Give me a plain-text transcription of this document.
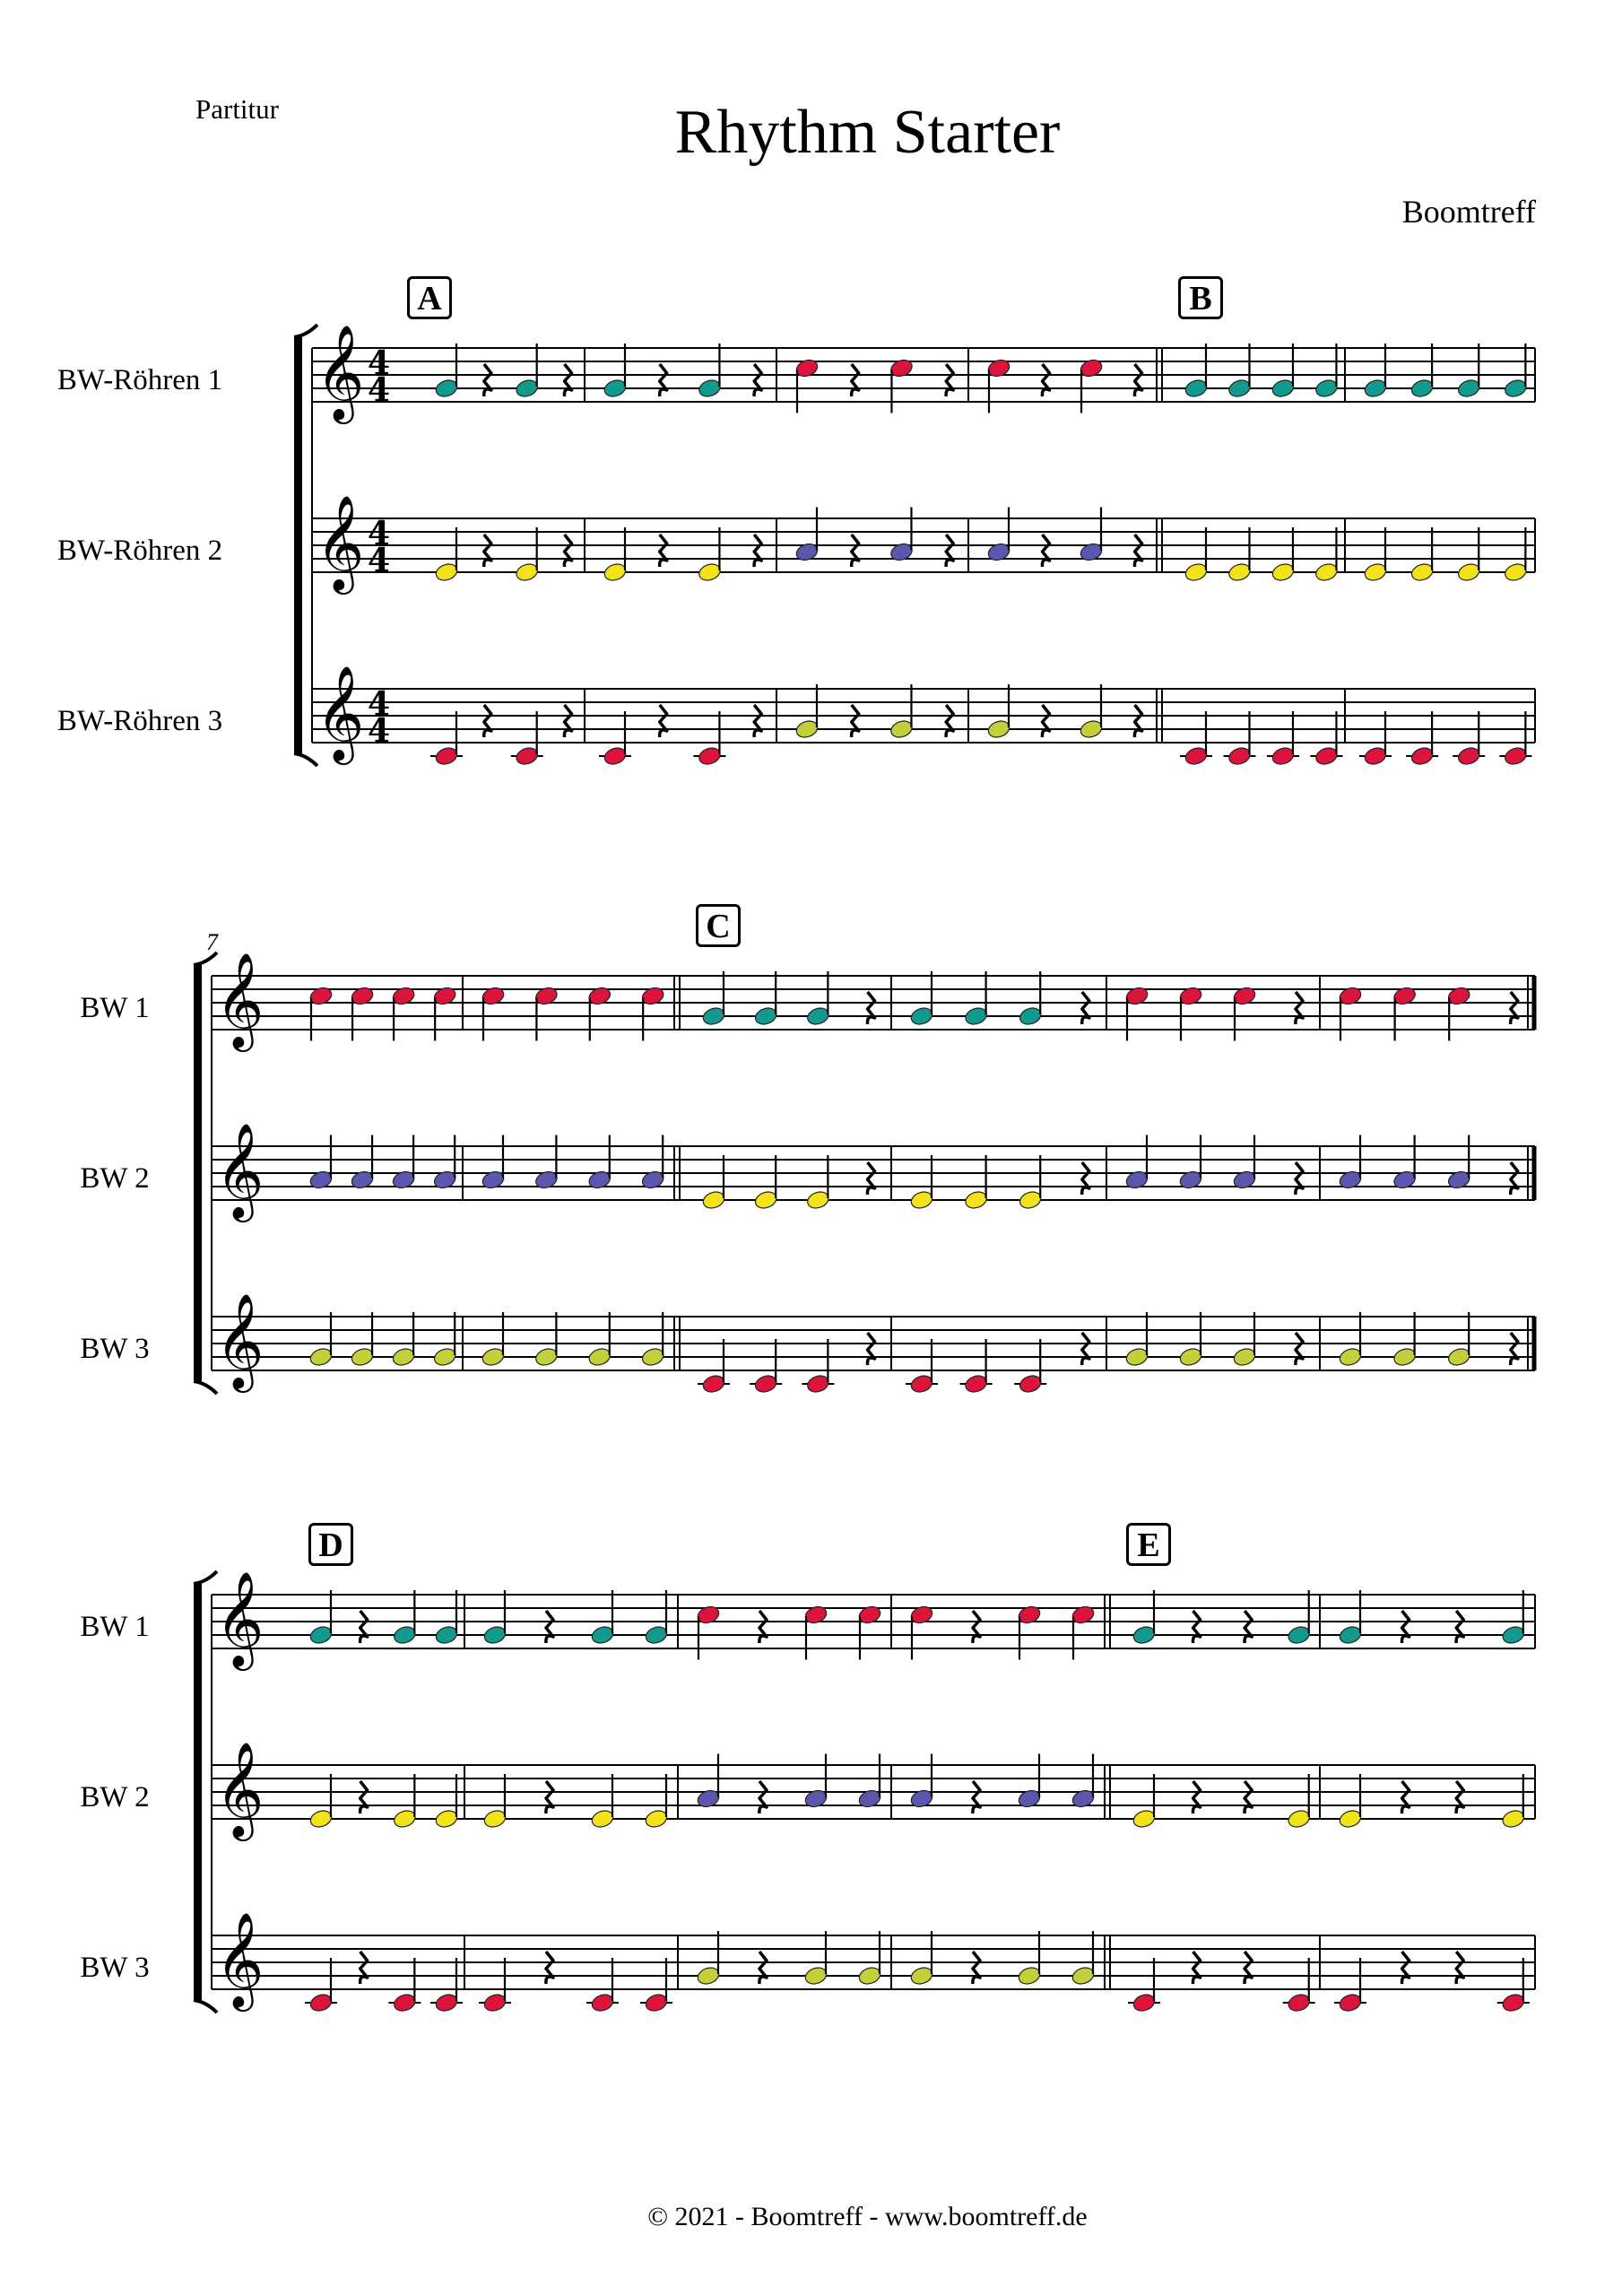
Partitur	Rhythm Starter
Boomtreff
𝄞 4
4
𝄞 4
4
𝄞 4
4
𝄞
𝄞
𝄞
𝄞
𝄞
𝄞
BW-Röhren 1
BW-Röhren 2
BW-Röhren 3
A	B
BW 1
BW 2
BW 3
7	C
BW 1
BW 2
BW 3
D	E
© 2021 - Boomtreff - www.boomtreff.de
